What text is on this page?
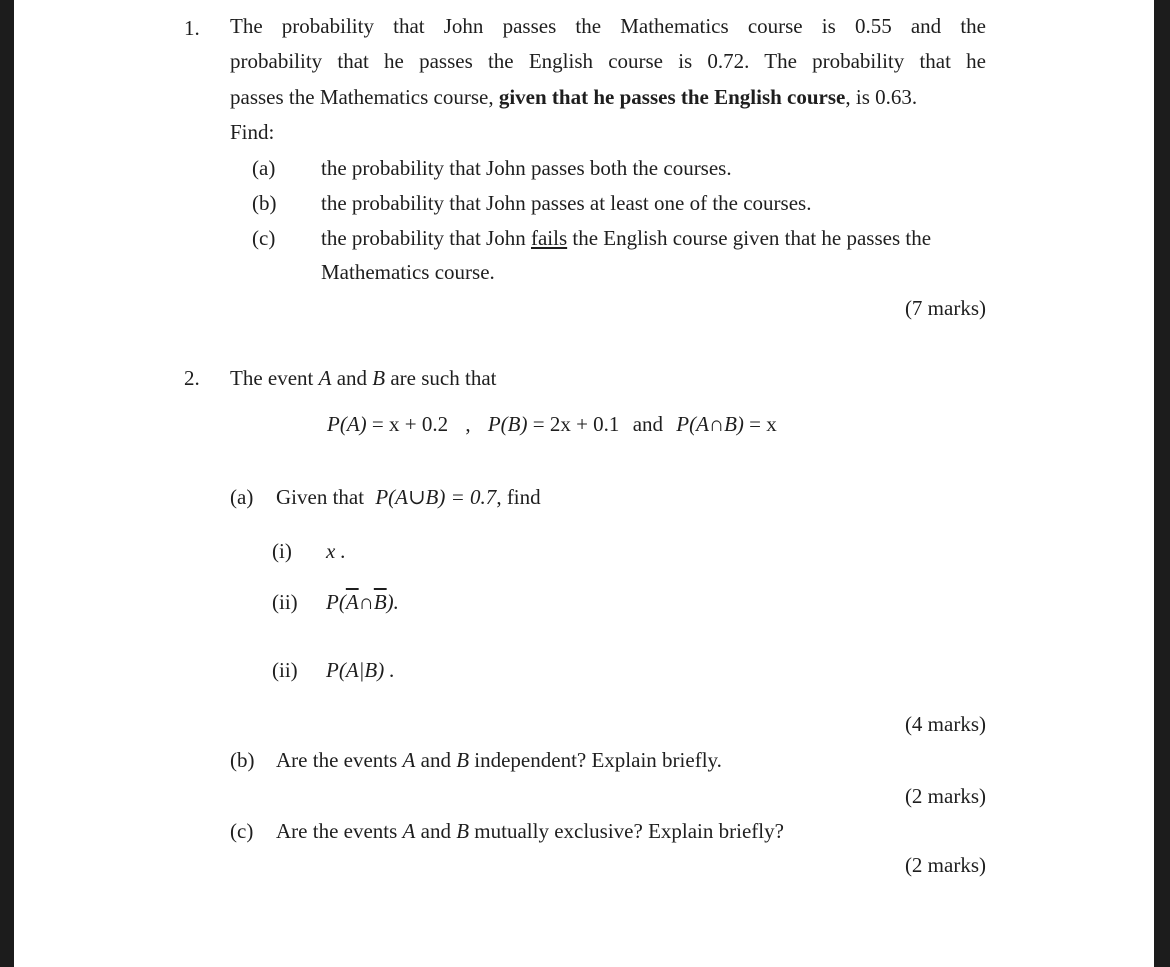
1. The probability that John passes the Mathematics course is 0.55 and the
probability that he passes the English course is 0.72. The probability that he
passes the Mathematics course, given that he passes the English course, is 0.63.
Find:
(a) the probability that John passes both the courses.
(b) the probability that John passes at least one of the courses.
(c) the probability that John fails the English course given that he passes the
Mathematics course.
(7 marks)
2. The event A and B are such that
P(A) = x + 0.2 , P(B) = 2x + 0.1 and P(A∩B) = x
(a) Given that P(A∪B) = 0.7, find
(i) x .
(ii) $P(\overline{A}\cap\overline{B})$.
(ii) P(A|B) .
(4 marks)
(b) Are the events A and B independent? Explain briefly.
(2 marks)
(c) Are the events A and B mutually exclusive? Explain briefly?
(2 marks)
